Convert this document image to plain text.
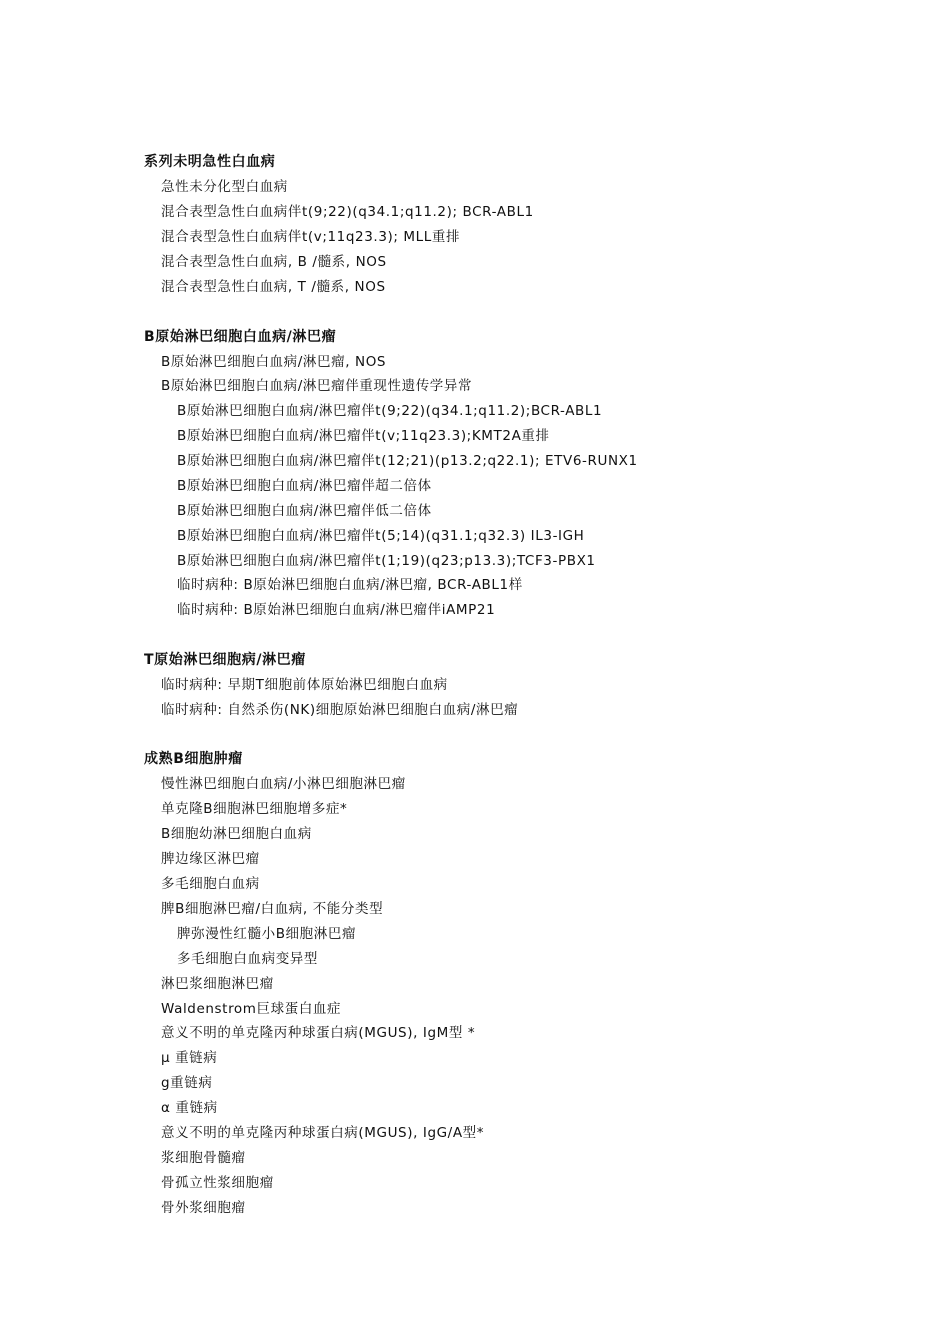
系列未明急性白血病
急性未分化型白血病
混合表型急性白血病伴t(9;22)(q34.1;q11.2); BCR-ABL1
混合表型急性白血病伴t(v;11q23.3); MLL重排
混合表型急性白血病, B /髓系, NOS
混合表型急性白血病, T /髓系, NOS
B原始淋巴细胞白血病/淋巴瘤
B原始淋巴细胞白血病/淋巴瘤, NOS
B原始淋巴细胞白血病/淋巴瘤伴重现性遗传学异常
B原始淋巴细胞白血病/淋巴瘤伴t(9;22)(q34.1;q11.2);BCR-ABL1
B原始淋巴细胞白血病/淋巴瘤伴t(v;11q23.3);KMT2A重排
B原始淋巴细胞白血病/淋巴瘤伴t(12;21)(p13.2;q22.1); ETV6-RUNX1
B原始淋巴细胞白血病/淋巴瘤伴超二倍体
B原始淋巴细胞白血病/淋巴瘤伴低二倍体
B原始淋巴细胞白血病/淋巴瘤伴t(5;14)(q31.1;q32.3) IL3-IGH
B原始淋巴细胞白血病/淋巴瘤伴t(1;19)(q23;p13.3);TCF3-PBX1
临时病种: B原始淋巴细胞白血病/淋巴瘤, BCR-ABL1样
临时病种: B原始淋巴细胞白血病/淋巴瘤伴iAMP21
T原始淋巴细胞病/淋巴瘤
临时病种: 早期T细胞前体原始淋巴细胞白血病
临时病种: 自然杀伤(NK)细胞原始淋巴细胞白血病/淋巴瘤
成熟B细胞肿瘤
慢性淋巴细胞白血病/小淋巴细胞淋巴瘤
单克隆B细胞淋巴细胞增多症*
B细胞幼淋巴细胞白血病
脾边缘区淋巴瘤
多毛细胞白血病
脾B细胞淋巴瘤/白血病, 不能分类型
脾弥漫性红髓小B细胞淋巴瘤
多毛细胞白血病变异型
淋巴浆细胞淋巴瘤
Waldenstrom巨球蛋白血症
意义不明的单克隆丙种球蛋白病(MGUS), IgM型 *
μ 重链病
g重链病
α 重链病
意义不明的单克隆丙种球蛋白病(MGUS), IgG/A型*
浆细胞骨髓瘤
骨孤立性浆细胞瘤
骨外浆细胞瘤
